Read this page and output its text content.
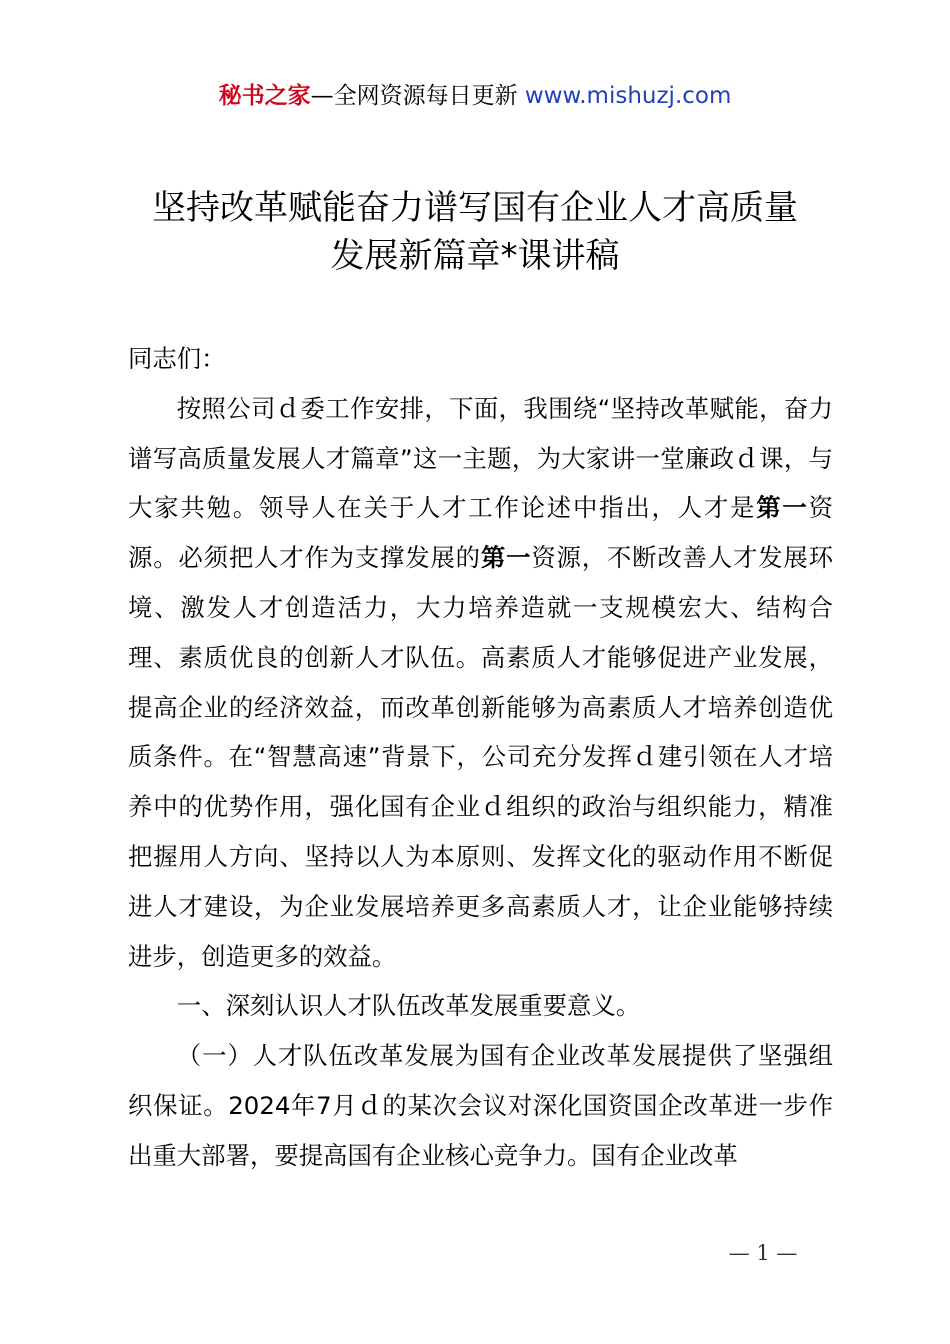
秘书之家—全网资源每日更新 www.mishuzj.com
坚持改革赋能奋力谱写国有企业人才高质量
发展新篇章*课讲稿

同志们：

按照公司ｄ委工作安排，下面，我围绕“坚持改革赋能，奋力谱写高质量发展人才篇章”这一主题，为大家讲一堂廉政ｄ课，与大家共勉。领导人在关于人才工作论述中指出，人才是第一资源。必须把人才作为支撑发展的第一资源，不断改善人才发展环境、激发人才创造活力，大力培养造就一支规模宏大、结构合理、素质优良的创新人才队伍。高素质人才能够促进产业发展，提高企业的经济效益，而改革创新能够为高素质人才培养创造优质条件。在“智慧高速”背景下，公司充分发挥ｄ建引领在人才培养中的优势作用，强化国有企业ｄ组织的政治与组织能力，精准把握用人方向、坚持以人为本原则、发挥文化的驱动作用不断促进人才建设，为企业发展培养更多高素质人才，让企业能够持续进步，创造更多的效益。

一、深刻认识人才队伍改革发展重要意义。

（一）人才队伍改革发展为国有企业改革发展提供了坚强组织保证。2024年7月ｄ的某次会议对深化国资国企改革进一步作出重大部署，要提高国有企业核心竞争力。国有企业改革

— 1 —
